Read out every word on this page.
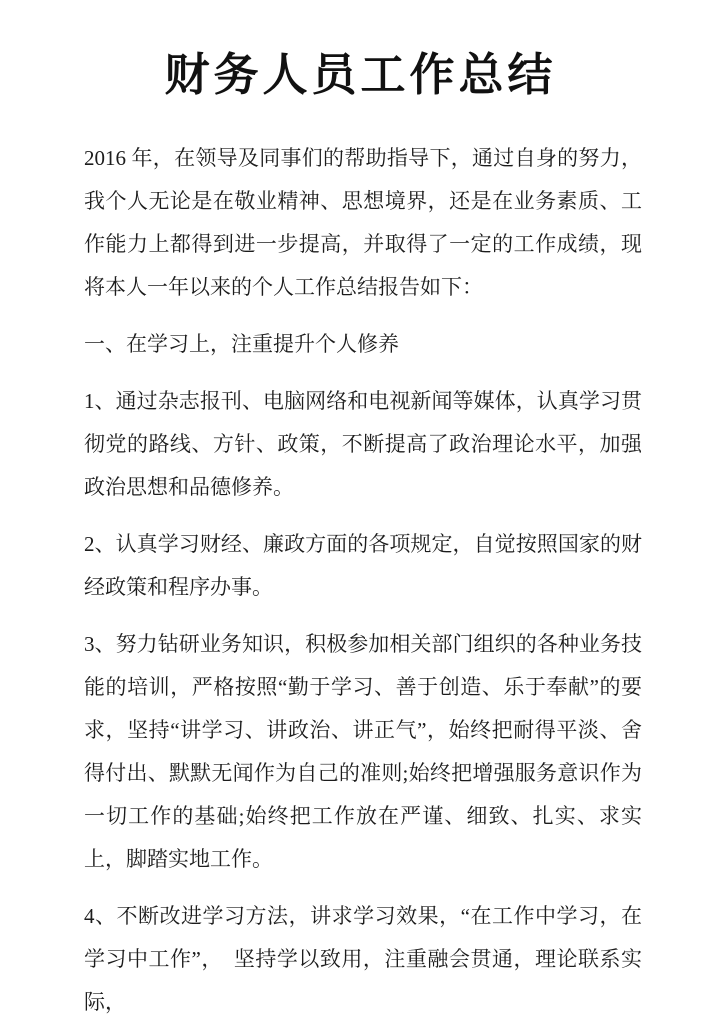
财务人员工作总结

2016 年，在领导及同事们的帮助指导下，通过自身的努力，我个人无论是在敬业精神、思想境界，还是在业务素质、工作能力上都得到进一步提高，并取得了一定的工作成绩，现将本人一年以来的个人工作总结报告如下：

一、在学习上，注重提升个人修养

1、通过杂志报刊、电脑网络和电视新闻等媒体，认真学习贯彻党的路线、方针、政策，不断提高了政治理论水平，加强政治思想和品德修养。

2、认真学习财经、廉政方面的各项规定，自觉按照国家的财经政策和程序办事。

3、努力钻研业务知识，积极参加相关部门组织的各种业务技能的培训，严格按照“勤于学习、善于创造、乐于奉献”的要求，坚持“讲学习、讲政治、讲正气”，始终把耐得平淡、舍得付出、默默无闻作为自己的准则;始终把增强服务意识作为一切工作的基础;始终把工作放在严谨、细致、扎实、求实上，脚踏实地工作。

4、不断改进学习方法，讲求学习效果，“在工作中学习，在学习中工作”，　坚持学以致用，注重融会贯通，理论联系实际，
